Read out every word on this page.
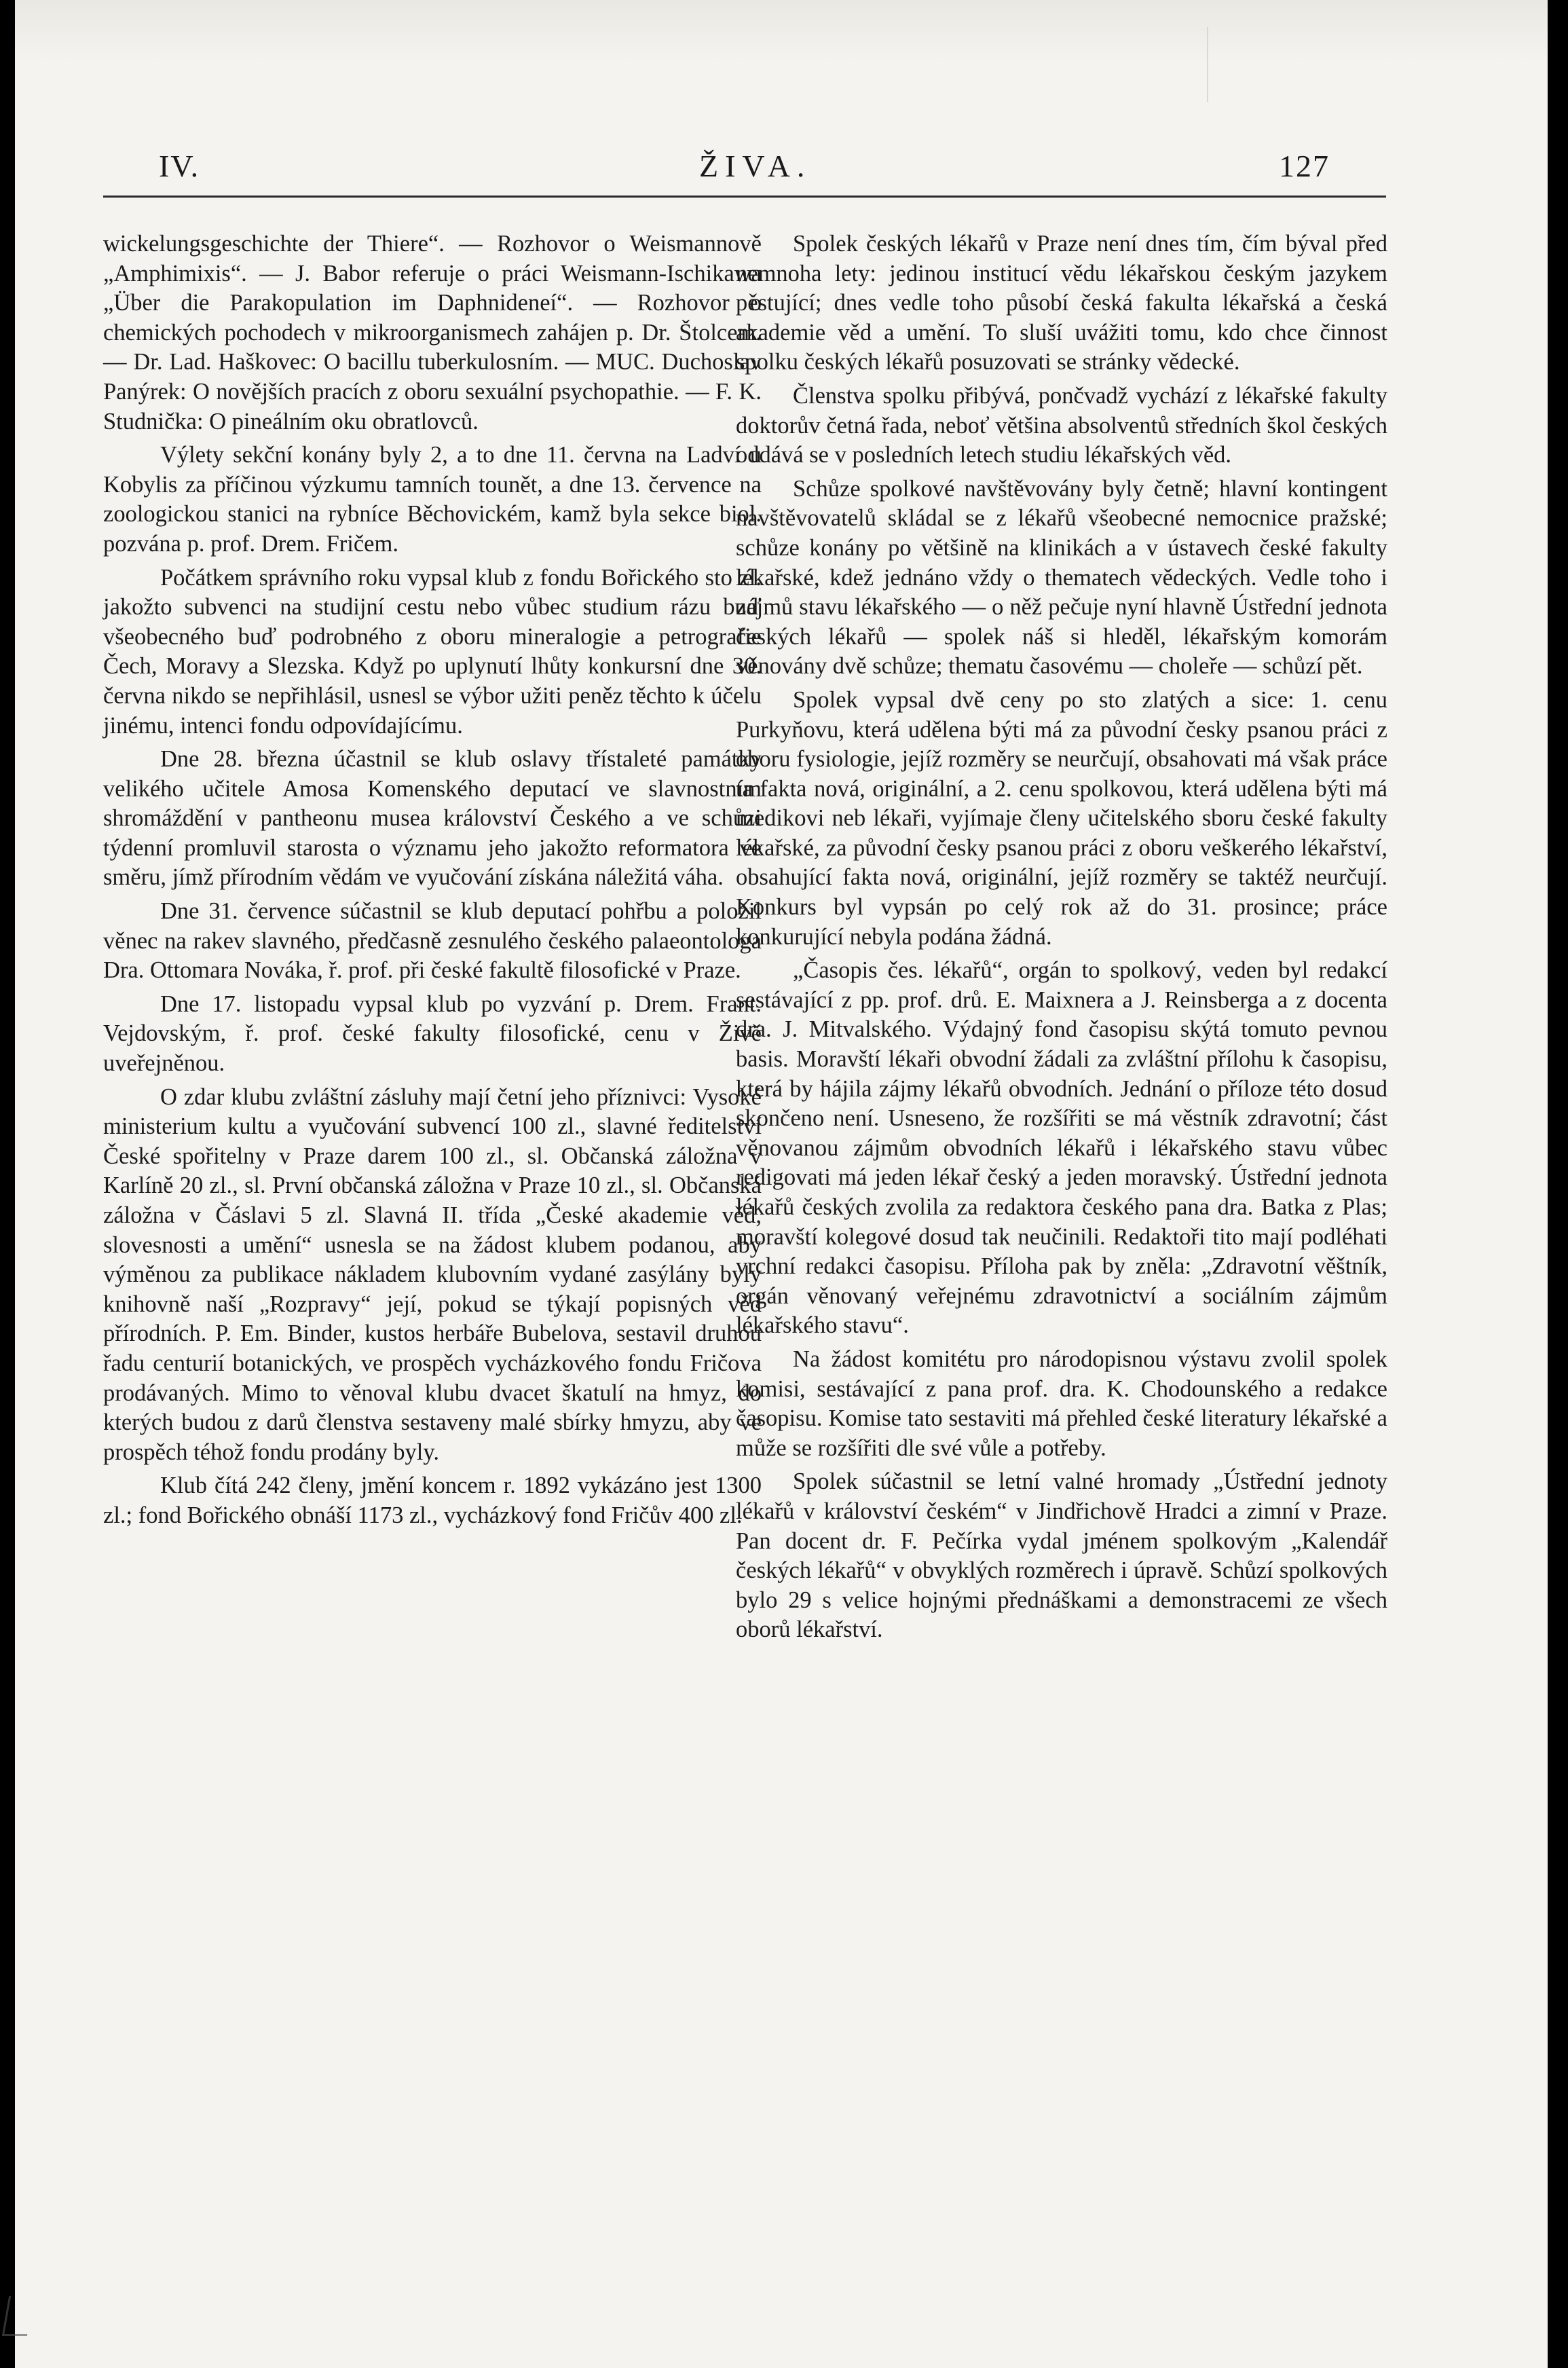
IV.	ŽIVA.	127

wickelungsgeschichte der Thiere“. — Rozhovor o Weismannově „Amphimixis“. — J. Babor referuje o práci Weismann-Ischikawa „Über die Parakopulation im Daphnideneí“. — Rozhovor o chemických pochodech v mikroorganismech zahájen p. Dr. Štolcem. — Dr. Lad. Haškovec: O bacillu tuberkulosním. — MUC. Duchoslav Panýrek: O novějších pracích z oboru sexuální psychopathie. — F. K. Studnička: O pineálním oku obratlovců.

Výlety sekční konány byly 2, a to dne 11. června na Ladví u Kobylis za příčinou výzkumu tamních tounět, a dne 13. července na zoologickou stanici na rybníce Běchovickém, kamž byla sekce biol. pozvána p. prof. Drem. Fričem.

Počátkem správního roku vypsal klub z fondu Bořického sto zl. jakožto subvenci na studijní cestu nebo vůbec studium rázu buď všeobecného buď podrobného z oboru mineralogie a petrografie Čech, Moravy a Slezska. Když po uplynutí lhůty konkursní dne 30. června nikdo se nepřihlásil, usnesl se výbor užiti peněz těchto k účelu jinému, intenci fondu odpovídajícímu.

Dne 28. března účastnil se klub oslavy třístaleté památky velikého učitele Amosa Komenského deputací ve slavnostním shromáždění v pantheonu musea království Českého a ve schůzi týdenní promluvil starosta o významu jeho jakožto reformatora ve směru, jímž přírodním vědám ve vyučování získána náležitá váha.

Dne 31. července súčastnil se klub deputací pohřbu a položil věnec na rakev slavného, předčasně zesnulého českého palaeontologa Dra. Ottomara Nováka, ř. prof. při české fakultě filosofické v Praze.

Dne 17. listopadu vypsal klub po vyzvání p. Drem. Frant. Vejdovským, ř. prof. české fakulty filosofické, cenu v Živě uveřejněnou.

O zdar klubu zvláštní zásluhy mají četní jeho příznivci: Vysoké ministerium kultu a vyučování subvencí 100 zl., slavné ředitelství České spořitelny v Praze darem 100 zl., sl. Občanská záložna v Karlíně 20 zl., sl. První občanská záložna v Praze 10 zl., sl. Občanská záložna v Čáslavi 5 zl. Slavná II. třída „České akademie věd, slovesnosti a umění“ usnesla se na žádost klubem podanou, aby výměnou za publikace nákladem klubovním vydané zasýlány byly knihovně naší „Rozpravy“ její, pokud se týkají popisných věd přírodních. P. Em. Binder, kustos herbáře Bubelova, sestavil druhou řadu centurií botanických, ve prospěch vycházkového fondu Fričova prodávaných. Mimo to věnoval klubu dvacet škatulí na hmyz, do kterých budou z darů členstva sestaveny malé sbírky hmyzu, aby ve prospěch téhož fondu prodány byly.

Klub čítá 242 členy, jmění koncem r. 1892 vykázáno jest 1300 zl.; fond Bořického obnáší 1173 zl., vycházkový fond Fričův 400 zl.

Spolek českých lékařů v Praze není dnes tím, čím býval před nemnoha lety: jedinou institucí vědu lékařskou českým jazykem pěstující; dnes vedle toho působí česká fakulta lékařská a česká akademie věd a umění. To sluší uvážiti tomu, kdo chce činnost spolku českých lékařů posuzovati se stránky vědecké.

Členstva spolku přibývá, pončvadž vychází z lékařské fakulty doktorův četná řada, neboť většina absolventů středních škol českých oddává se v posledních letech studiu lékařských věd.

Schůze spolkové navštěvovány byly četně; hlavní kontingent navštěvovatelů skládal se z lékařů všeobecné nemocnice pražské; schůze konány po většině na klinikách a v ústavech české fakulty lékařské, kdež jednáno vždy o thematech vědeckých. Vedle toho i zájmů stavu lékařského — o něž pečuje nyní hlavně Ústřední jednota českých lékařů — spolek náš si hleděl, lékařským komorám věnovány dvě schůze; thematu časovému — choleře — schůzí pět.

Spolek vypsal dvě ceny po sto zlatých a sice: 1. cenu Purkyňovu, která udělena býti má za původní česky psanou práci z oboru fysiologie, jejíž rozměry se neurčují, obsahovati má však práce ta fakta nová, originální, a 2. cenu spolkovou, která udělena býti má medikovi neb lékaři, vyjímaje členy učitelského sboru české fakulty lékařské, za původní česky psanou práci z oboru veškerého lékařství, obsahující fakta nová, originální, jejíž rozměry se taktéž neurčují. Konkurs byl vypsán po celý rok až do 31. prosince; práce konkurující nebyla podána žádná.

„Časopis čes. lékařů“, orgán to spolkový, veden byl redakcí sestávající z pp. prof. drů. E. Maixnera a J. Reinsberga a z docenta dra. J. Mitvalského. Výdajný fond časopisu skýtá tomuto pevnou basis. Moravští lékaři obvodní žádali za zvláštní přílohu k časopisu, která by hájila zájmy lékařů obvodních. Jednání o příloze této dosud skončeno není. Usneseno, že rozšířiti se má věstník zdravotní; část věnovanou zájmům obvodních lékařů i lékařského stavu vůbec redigovati má jeden lékař český a jeden moravský. Ústřední jednota lékařů českých zvolila za redaktora českého pana dra. Batka z Plas; moravští kolegové dosud tak neučinili. Redaktoři tito mají podléhati vrchní redakci časopisu. Příloha pak by zněla: „Zdravotní věštník, orgán věnovaný veřejnému zdravotnictví a sociálním zájmům lékařského stavu“.

Na žádost komitétu pro národopisnou výstavu zvolil spolek komisi, sestávající z pana prof. dra. K. Chodounského a redakce časopisu. Komise tato sestaviti má přehled české literatury lékařské a může se rozšířiti dle své vůle a potřeby.

Spolek súčastnil se letní valné hromady „Ústřední jednoty lékařů v království českém“ v Jindřichově Hradci a zimní v Praze. Pan docent dr. F. Pečírka vydal jménem spolkovým „Kalendář českých lékařů“ v obvyklých rozměrech i úpravě. Schůzí spolkových bylo 29 s velice hojnými přednáškami a demonstracemi ze všech oborů lékařství.
